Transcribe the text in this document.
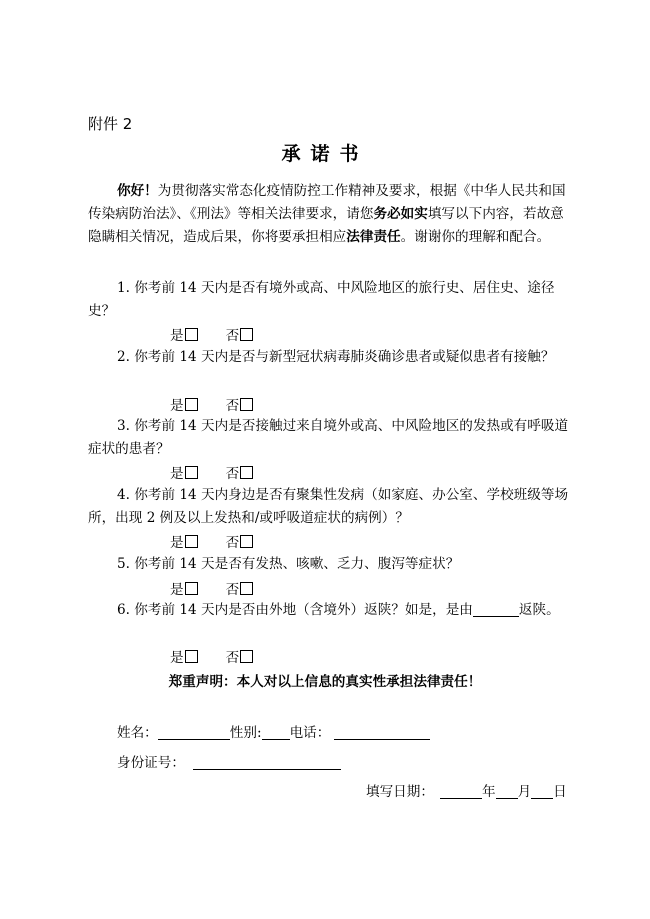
附件 2
承诺书
你好！为贯彻落实常态化疫情防控工作精神及要求，根据《中华人民共和国传染病防治法》、《刑法》等相关法律要求，请您务必如实填写以下内容，若故意隐瞒相关情况，造成后果，你将要承担相应法律责任。谢谢你的理解和配合。
1. 你考前 14 天内是否有境外或高、中风险地区的旅行史、居住史、途径史？
是	否
2. 你考前 14 天内是否与新型冠状病毒肺炎确诊患者或疑似患者有接触？
是	否
3. 你考前 14 天内是否接触过来自境外或高、中风险地区的发热或有呼吸道症状的患者？
是	否
4. 你考前 14 天内身边是否有聚集性发病（如家庭、办公室、学校班级等场所，出现 2 例及以上发热和/或呼吸道症状的病例）？
是	否
5. 你考前 14 天是否有发热、咳嗽、乏力、腹泻等症状？
是	否
6. 你考前 14 天内是否由外地（含境外）返陕？如是，是由	返陕。
是	否
郑重声明：本人对以上信息的真实性承担法律责任！
姓名：	性别: 电话：
身份证号：
填写日期：	年 月 日
